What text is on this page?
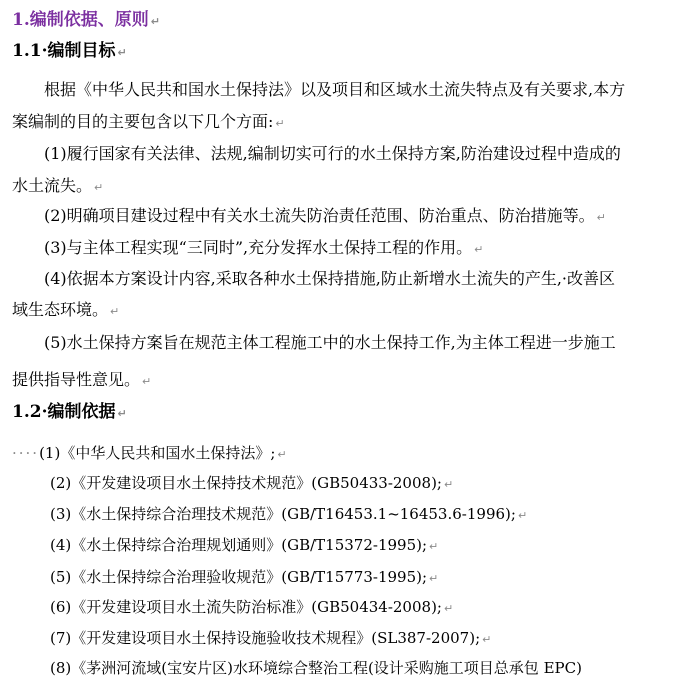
1.编制依据、原则 ↵
1.1·编制目标 ↵
根据《中华人民共和国水土保持法》以及项目和区域水土流失特点及有关要求,本方
案编制的目的主要包含以下几个方面: ↵
(1)履行国家有关法律、法规,编制切实可行的水土保持方案,防治建设过程中造成的
水土流失。 ↵
(2)明确项目建设过程中有关水土流失防治责任范围、防治重点、防治措施等。 ↵
(3)与主体工程实现“三同时”,充分发挥水土保持工程的作用。 ↵
(4)依据本方案设计内容,采取各种水土保持措施,防止新增水土流失的产生,·改善区
域生态环境。 ↵
(5)水土保持方案旨在规范主体工程施工中的水土保持工作,为主体工程进一步施工
提供指导性意见。 ↵
1.2·编制依据 ↵
····(1)《中华人民共和国水土保持法》; ↵
(2)《开发建设项目水土保持技术规范》(GB50433-2008); ↵
(3)《水土保持综合治理技术规范》(GB/T16453.1~16453.6-1996); ↵
(4)《水土保持综合治理规划通则》(GB/T15372-1995); ↵
(5)《水土保持综合治理验收规范》(GB/T15773-1995); ↵
(6)《开发建设项目水土流失防治标准》(GB50434-2008); ↵
(7)《开发建设项目水土保持设施验收技术规程》(SL387-2007); ↵
(8)《茅洲河流域(宝安片区)水环境综合整治工程(设计采购施工项目总承包 EPC)
